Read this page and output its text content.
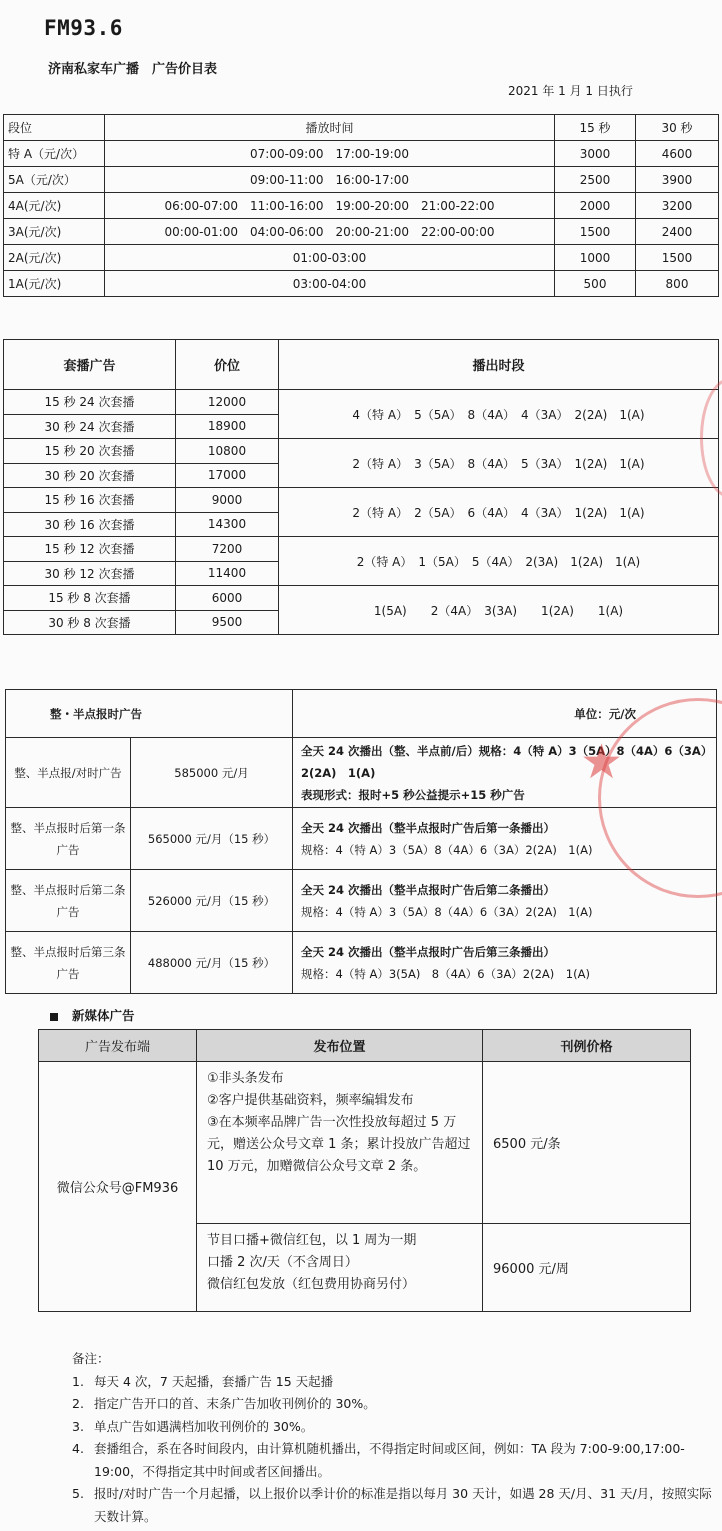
FM93.6
济南私家车广播　广告价目表
2021 年 1 月 1 日执行
段位	播放时间	15 秒	30 秒
特 A（元/次）	07:00-09:00　17:00-19:00	3000	4600
5A（元/次）	09:00-11:00　16:00-17:00	2500	3900
4A(元/次)	06:00-07:00　11:00-16:00　19:00-20:00　21:00-22:00	2000	3200
3A(元/次)	00:00-01:00　04:00-06:00　20:00-21:00　22:00-00:00	1500	2400
2A(元/次)	01:00-03:00	1000	1500
1A(元/次)	03:00-04:00	500	800
套播广告	价位	播出时段
15 秒 24 次套播	12000	4（特 A）　5（5A）　8（4A）　4（3A）　2(2A)　1(A)
30 秒 24 次套播	18900	
15 秒 20 次套播	10800	2（特 A）　3（5A）　8（4A）　5（3A）　1(2A)　1(A)
30 秒 20 次套播	17000	
15 秒 16 次套播	9000	2（特 A）　2（5A）　6（4A）　4（3A）　1(2A)　1(A)
30 秒 16 次套播	14300	
15 秒 12 次套播	7200	2（特 A）　1（5A）　5（4A）　2(3A)　1(2A)　1(A)
30 秒 12 次套播	11400	
15 秒 8 次套播	6000	1(5A)　　2（4A）　3(3A)　　1(2A)　　1(A)
30 秒 8 次套播	9500	
整・半点报时广告		单位：元/次
整、半点报/对时广告	585000 元/月	全天 24 次播出（整、半点前/后）规格：4（特 A）3（5A）8（4A）6（3A）
2(2A)　1(A)
表现形式：报时+5 秒公益提示+15 秒广告

整、半点报时后第一条广告	565000 元/月（15 秒）	全天 24 次播出（整半点报时广告后第一条播出）
规格：4（特 A）3（5A）8（4A）6（3A）2(2A)　1(A)

整、半点报时后第二条广告	526000 元/月（15 秒）	全天 24 次播出（整半点报时广告后第二条播出）
规格：4（特 A）3（5A）8（4A）6（3A）2(2A)　1(A)

整、半点报时后第三条广告	488000 元/月（15 秒）	全天 24 次播出（整半点报时广告后第三条播出）
规格：4（特 A）3(5A)　8（4A）6（3A）2(2A)　1(A)
新媒体广告
广告发布端	发布位置	刊例价格
微信公众号@FM936	①非头条发布
②客户提供基础资料，频率编辑发布
③在本频率品牌广告一次性投放每超过 5 万元，赠送公众号文章 1 条；累计投放广告超过 10 万元，加赠微信公众号文章 2 条。	6500 元/条

	节目口播+微信红包，以 1 周为一期
口播 2 次/天（不含周日）
微信红包发放（红包费用协商另付）	96000 元/周
备注：
1. 每天 4 次，7 天起播，套播广告 15 天起播
2. 指定广告开口的首、末条广告加收刊例价的 30%。
3. 单点广告如遇满档加收刊例价的 30%。
4. 套播组合，系在各时间段内，由计算机随机播出，不得指定时间或区间，例如：TA 段为 7:00-9:00,17:00-19:00，不得指定其中时间或者区间播出。
5. 报时/对时广告一个月起播，以上报价以季计价的标准是指以每月 30 天计，如遇 28 天/月、31 天/月，按照实际天数计算。
★
